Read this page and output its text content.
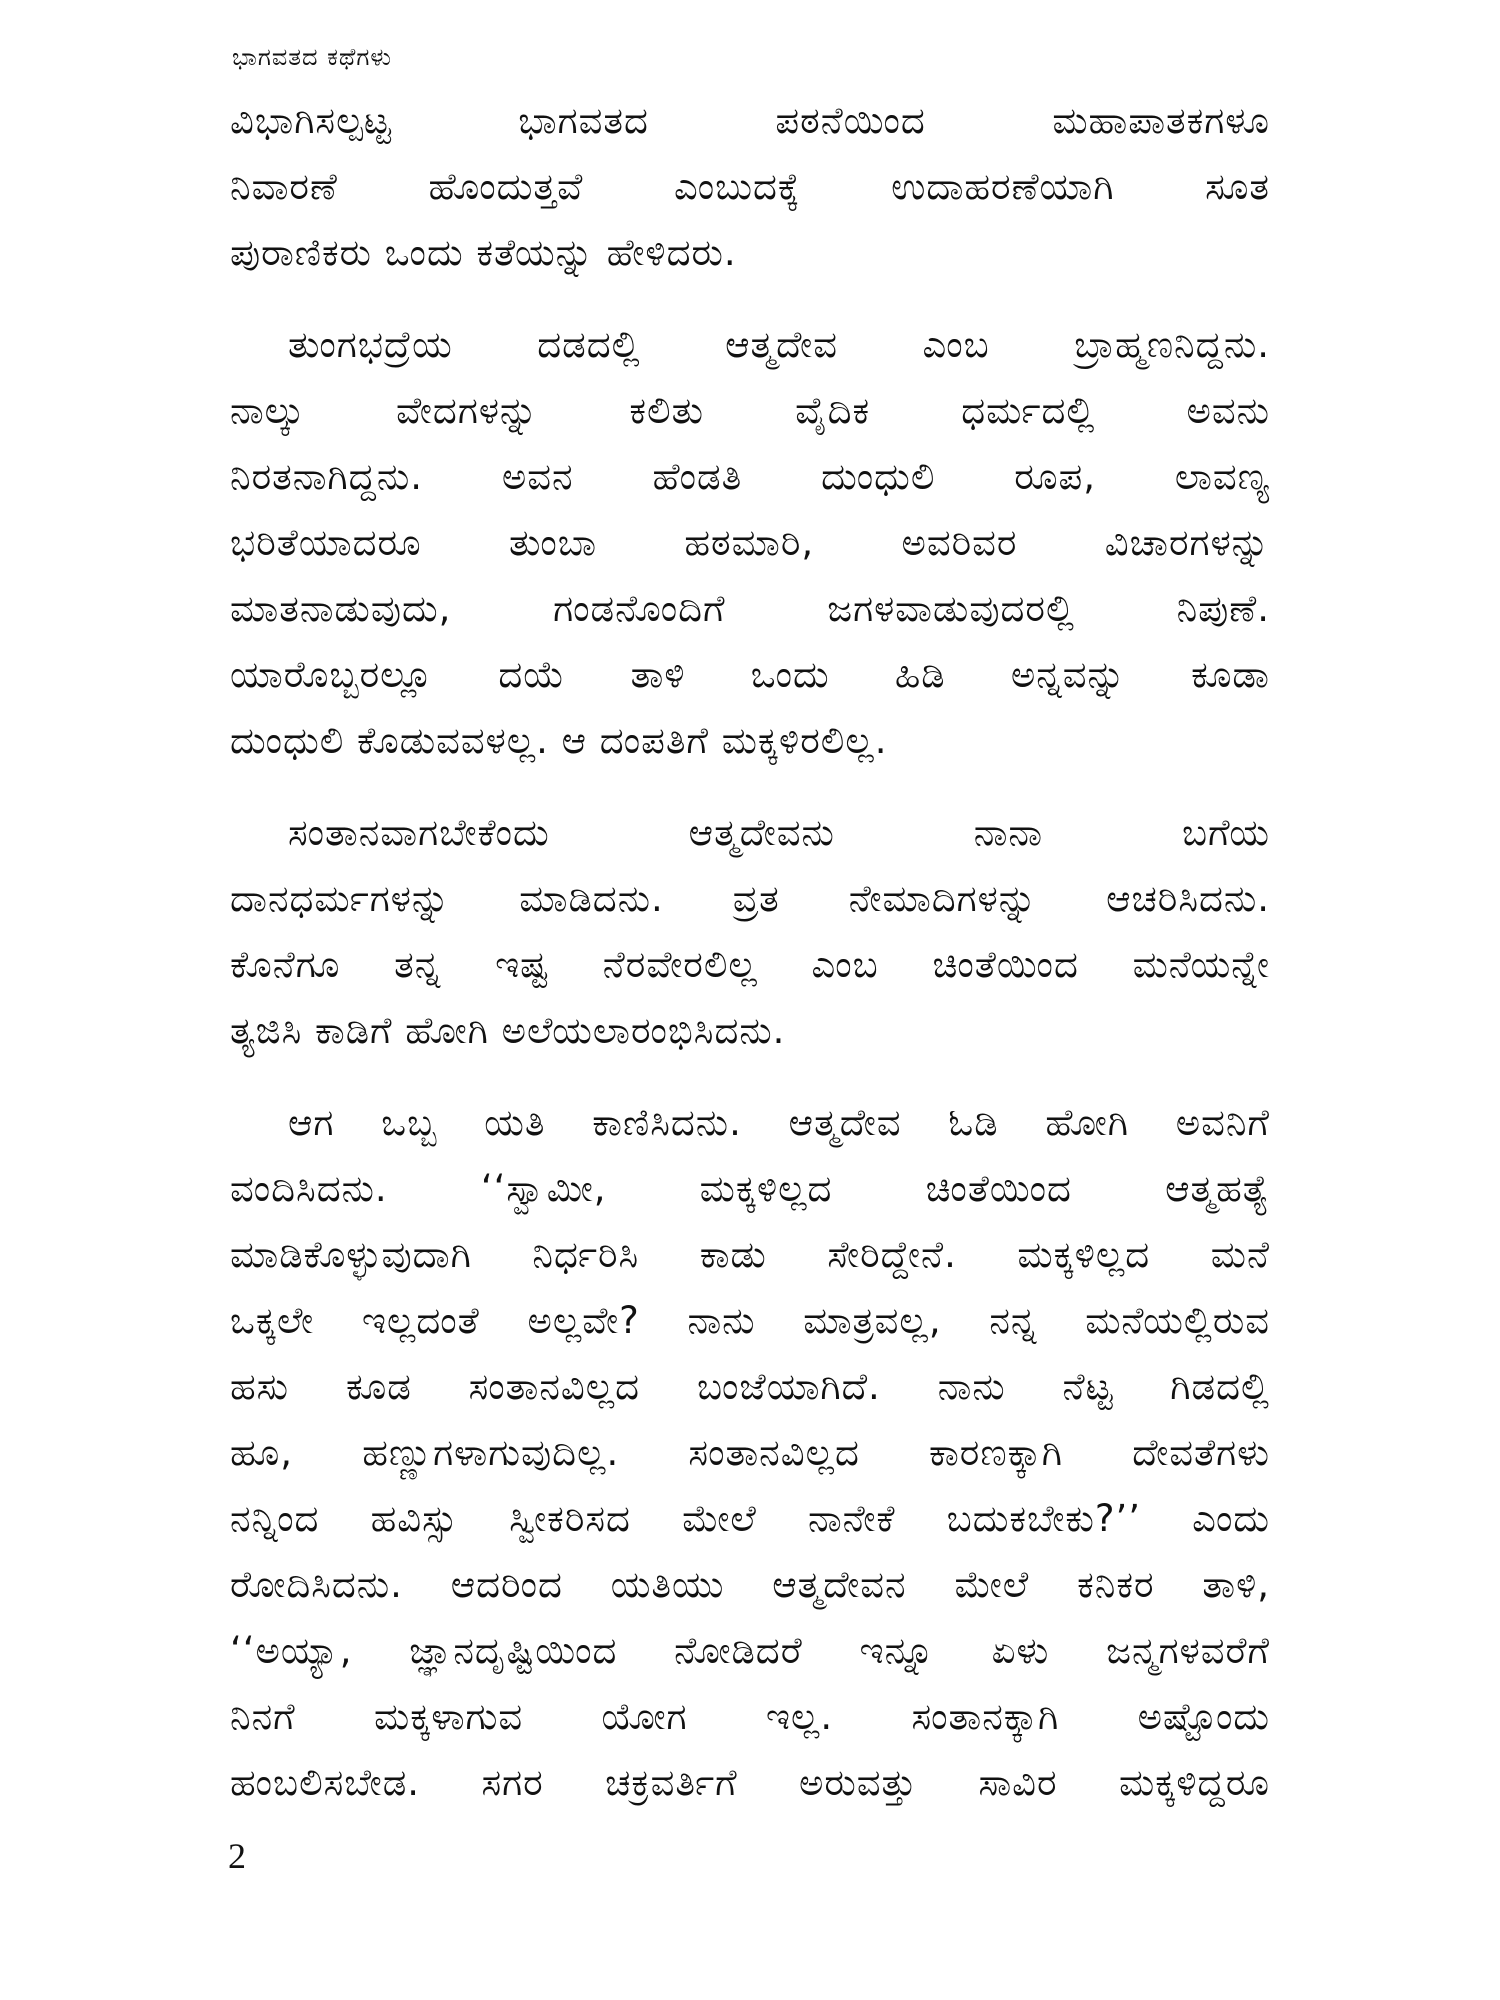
ಭಾಗವತದ ಕಥೆಗಳು
ವಿಭಾಗಿಸಲ್ಪಟ್ಟ ಭಾಗವತದ ಪಠನೆಯಿಂದ ಮಹಾಪಾತಕಗಳೂ
ನಿವಾರಣೆ ಹೊಂದುತ್ತವೆ ಎಂಬುದಕ್ಕೆ ಉದಾಹರಣೆಯಾಗಿ ಸೂತ
ಪುರಾಣಿಕರು ಒಂದು ಕತೆಯನ್ನು ಹೇಳಿದರು.
ತುಂಗಭದ್ರೆಯ ದಡದಲ್ಲಿ ಆತ್ಮದೇವ ಎಂಬ ಬ್ರಾಹ್ಮಣನಿದ್ದನು.
ನಾಲ್ಕು ವೇದಗಳನ್ನು ಕಲಿತು ವೈದಿಕ ಧರ್ಮದಲ್ಲಿ ಅವನು
ನಿರತನಾಗಿದ್ದನು. ಅವನ ಹೆಂಡತಿ ದುಂಧುಲಿ ರೂಪ, ಲಾವಣ್ಯ
ಭರಿತೆಯಾದರೂ ತುಂಬಾ ಹಠಮಾರಿ, ಅವರಿವರ ವಿಚಾರಗಳನ್ನು
ಮಾತನಾಡುವುದು, ಗಂಡನೊಂದಿಗೆ ಜಗಳವಾಡುವುದರಲ್ಲಿ ನಿಪುಣೆ.
ಯಾರೊಬ್ಬರಲ್ಲೂ ದಯೆ ತಾಳಿ ಒಂದು ಹಿಡಿ ಅನ್ನವನ್ನು ಕೂಡಾ
ದುಂಧುಲಿ ಕೊಡುವವಳಲ್ಲ. ಆ ದಂಪತಿಗೆ ಮಕ್ಕಳಿರಲಿಲ್ಲ.
ಸಂತಾನವಾಗಬೇಕೆಂದು ಆತ್ಮದೇವನು ನಾನಾ ಬಗೆಯ
ದಾನಧರ್ಮಗಳನ್ನು ಮಾಡಿದನು. ವ್ರತ ನೇಮಾದಿಗಳನ್ನು ಆಚರಿಸಿದನು.
ಕೊನೆಗೂ ತನ್ನ ಇಷ್ಟ ನೆರವೇರಲಿಲ್ಲ ಎಂಬ ಚಿಂತೆಯಿಂದ ಮನೆಯನ್ನೇ
ತ್ಯಜಿಸಿ ಕಾಡಿಗೆ ಹೋಗಿ ಅಲೆಯಲಾರಂಭಿಸಿದನು.
ಆಗ ಒಬ್ಬ ಯತಿ ಕಾಣಿಸಿದನು. ಆತ್ಮದೇವ ಓಡಿ ಹೋಗಿ ಅವನಿಗೆ
ವಂದಿಸಿದನು. ‘‘ಸ್ವಾಮೀ, ಮಕ್ಕಳಿಲ್ಲದ ಚಿಂತೆಯಿಂದ ಆತ್ಮಹತ್ಯೆ
ಮಾಡಿಕೊಳ್ಳುವುದಾಗಿ ನಿರ್ಧರಿಸಿ ಕಾಡು ಸೇರಿದ್ದೇನೆ. ಮಕ್ಕಳಿಲ್ಲದ ಮನೆ
ಒಕ್ಕಲೇ ಇಲ್ಲದಂತೆ ಅಲ್ಲವೇ? ನಾನು ಮಾತ್ರವಲ್ಲ, ನನ್ನ ಮನೆಯಲ್ಲಿರುವ
ಹಸು ಕೂಡ ಸಂತಾನವಿಲ್ಲದ ಬಂಜೆಯಾಗಿದೆ. ನಾನು ನೆಟ್ಟ ಗಿಡದಲ್ಲಿ
ಹೂ, ಹಣ್ಣುಗಳಾಗುವುದಿಲ್ಲ. ಸಂತಾನವಿಲ್ಲದ ಕಾರಣಕ್ಕಾಗಿ ದೇವತೆಗಳು
ನನ್ನಿಂದ ಹವಿಸ್ಸು ಸ್ವೀಕರಿಸದ ಮೇಲೆ ನಾನೇಕೆ ಬದುಕಬೇಕು?’’ ಎಂದು
ರೋದಿಸಿದನು. ಆದರಿಂದ ಯತಿಯು ಆತ್ಮದೇವನ ಮೇಲೆ ಕನಿಕರ ತಾಳಿ,
‘‘ಅಯ್ಯಾ, ಜ್ಞಾನದೃಷ್ಟಿಯಿಂದ ನೋಡಿದರೆ ಇನ್ನೂ ಏಳು ಜನ್ಮಗಳವರೆಗೆ
ನಿನಗೆ ಮಕ್ಕಳಾಗುವ ಯೋಗ ಇಲ್ಲ. ಸಂತಾನಕ್ಕಾಗಿ ಅಷ್ಟೊಂದು
ಹಂಬಲಿಸಬೇಡ. ಸಗರ ಚಕ್ರವರ್ತಿಗೆ ಅರುವತ್ತು ಸಾವಿರ ಮಕ್ಕಳಿದ್ದರೂ
2
